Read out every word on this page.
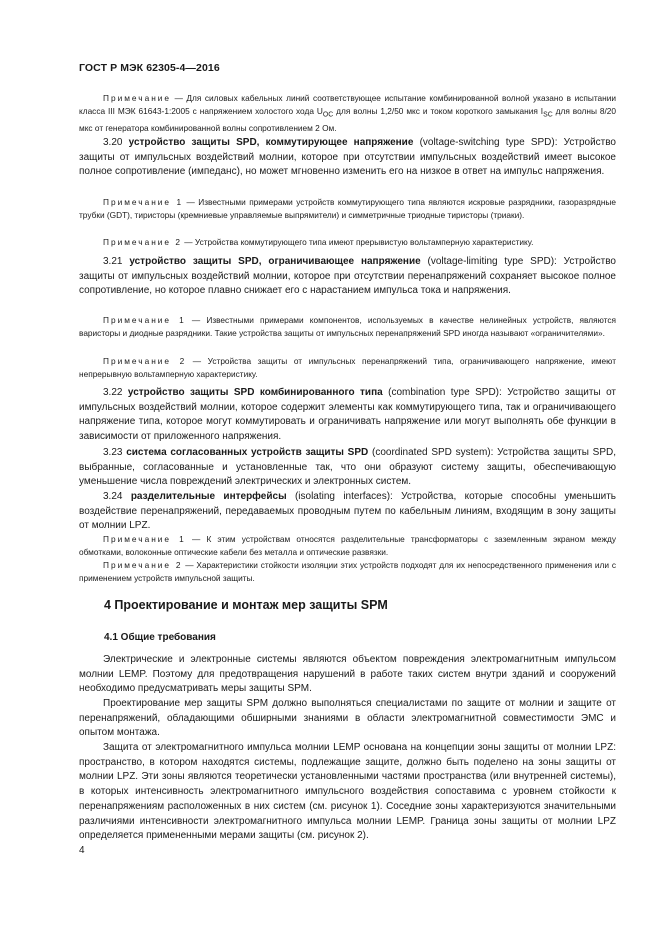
ГОСТ Р МЭК 62305-4—2016

Примечание — Для силовых кабельных линий соответствующее испытание комбинированной волной указано в испытании класса III МЭК 61643-1:2005 с напряжением холостого хода $U_{OC}$ для волны 1,2/50 мкс и током короткого замыкания $I_{SC}$ для волны 8/20 мкс от генератора комбинированной волны сопротивлением 2 Ом.

3.20 устройство защиты SPD, коммутирующее напряжение (voltage-switching type SPD): Устройство защиты от импульсных воздействий молнии, которое при отсутствии импульсных воздействий имеет высокое полное сопротивление (импеданс), но может мгновенно изменить его на низкое в ответ на импульс напряжения.

Примечание 1 — Известными примерами устройств коммутирующего типа являются искровые разрядники, газоразрядные трубки (GDT), тиристоры (кремниевые управляемые выпрямители) и симметричные триодные тиристоры (триаки).

Примечание 2 — Устройства коммутирующего типа имеют прерывистую вольтамперную характеристику.

3.21 устройство защиты SPD, ограничивающее напряжение (voltage-limiting type SPD): Устройство защиты от импульсных воздействий молнии, которое при отсутствии перенапряжений сохраняет высокое полное сопротивление, но которое плавно снижает его с нарастанием импульса тока и напряжения.

Примечание 1 — Известными примерами компонентов, используемых в качестве нелинейных устройств, являются варисторы и диодные разрядники. Такие устройства защиты от импульсных перенапряжений SPD иногда называют «ограничителями».

Примечание 2 — Устройства защиты от импульсных перенапряжений типа, ограничивающего напряжение, имеют непрерывную вольтамперную характеристику.

3.22 устройство защиты SPD комбинированного типа (combination type SPD): Устройство защиты от импульсных воздействий молнии, которое содержит элементы как коммутирующего типа, так и ограничивающего напряжение типа, которое могут коммутировать и ограничивать напряжение или могут выполнять обе функции в зависимости от приложенного напряжения.

3.23 система согласованных устройств защиты SPD (coordinated SPD system): Устройства защиты SPD, выбранные, согласованные и установленные так, что они образуют систему защиты, обеспечивающую уменьшение числа повреждений электрических и электронных систем.

3.24 разделительные интерфейсы (isolating interfaces): Устройства, которые способны уменьшить воздействие перенапряжений, передаваемых проводным путем по кабельным линиям, входящим в зону защиты от молнии LPZ.

Примечание 1 — К этим устройствам относятся разделительные трансформаторы с заземленным экраном между обмотками, волоконные оптические кабели без металла и оптические развязки.

Примечание 2 — Характеристики стойкости изоляции этих устройств подходят для их непосредственного применения или с применением устройств импульсной защиты.

4 Проектирование и монтаж мер защиты SPM
4.1 Общие требования

Электрические и электронные системы являются объектом повреждения электромагнитным импульсом молнии LEMP. Поэтому для предотвращения нарушений в работе таких систем внутри зданий и сооружений необходимо предусматривать меры защиты SPM.

Проектирование мер защиты SPM должно выполняться специалистами по защите от молнии и защите от перенапряжений, обладающими обширными знаниями в области электромагнитной совместимости ЭМС и опытом монтажа.

Защита от электромагнитного импульса молнии LEMP основана на концепции зоны защиты от молнии LPZ: пространство, в котором находятся системы, подлежащие защите, должно быть поделено на зоны защиты от молнии LPZ. Эти зоны являются теоретически установленными частями пространства (или внутренней системы), в которых интенсивность электромагнитного импульсного воздействия сопоставима с уровнем стойкости к перенапряжениям расположенных в них систем (см. рисунок 1). Соседние зоны характеризуются значительными различиями интенсивности электромагнитного импульса молнии LEMP. Граница зоны защиты от молнии LPZ определяется примененными мерами защиты (см. рисунок 2).

4
